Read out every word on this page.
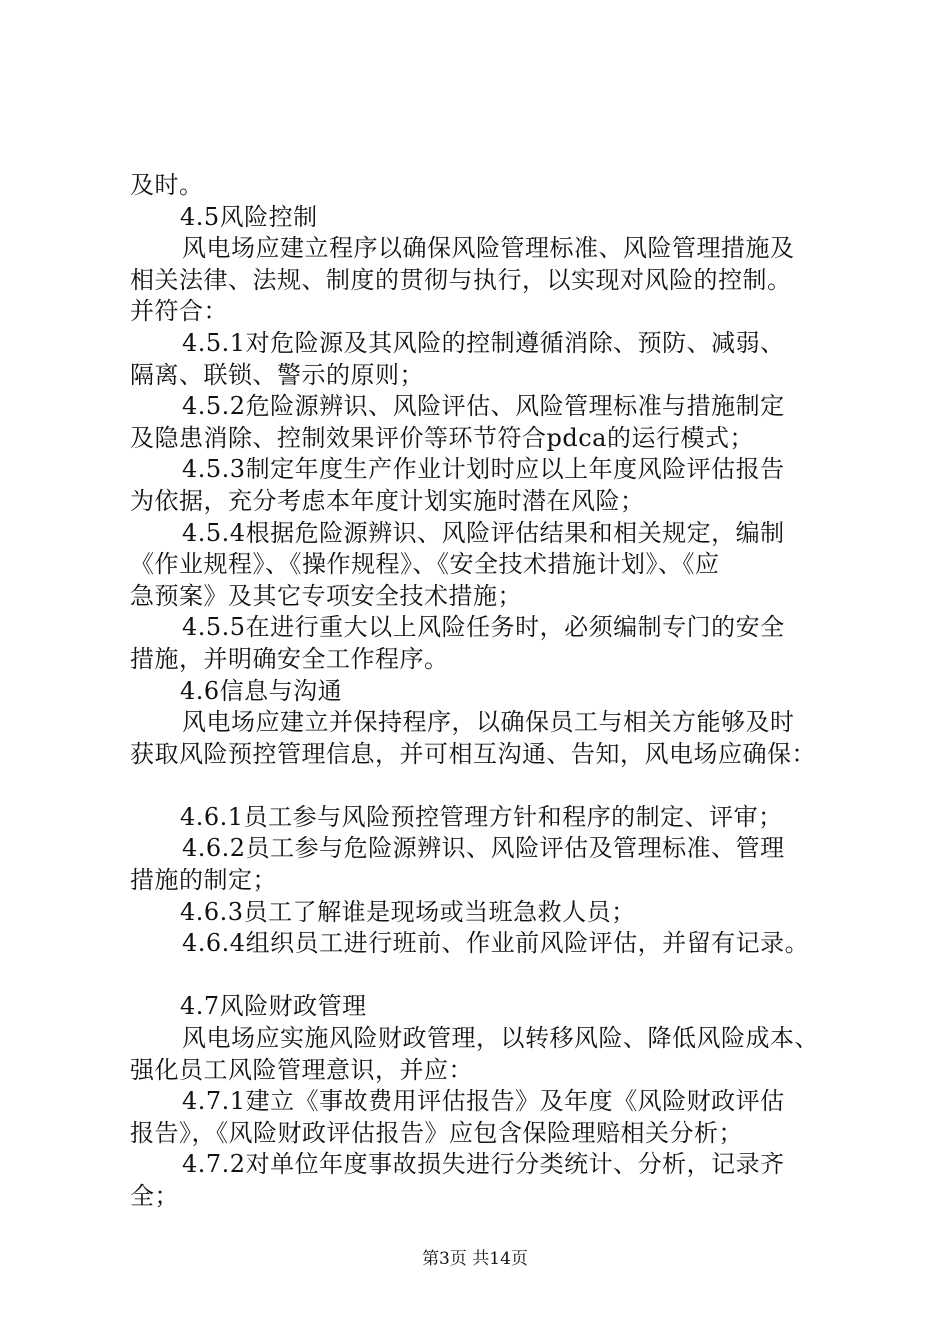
及时。

4.5风险控制

风电场应建立程序以确保风险管理标准、风险管理措施及

相关法律、法规、制度的贯彻与执行，以实现对风险的控制。

并符合：

4.5.1对危险源及其风险的控制遵循消除、预防、减弱、

隔离、联锁、警示的原则；

4.5.2危险源辨识、风险评估、风险管理标准与措施制定

及隐患消除、控制效果评价等环节符合pdca的运行模式；

4.5.3制定年度生产作业计划时应以上年度风险评估报告

为依据，充分考虑本年度计划实施时潜在风险；

4.5.4根据危险源辨识、风险评估结果和相关规定，编制

《作业规程》、《操作规程》、《安全技术措施计划》、《应

急预案》及其它专项安全技术措施；

4.5.5在进行重大以上风险任务时，必须编制专门的安全

措施，并明确安全工作程序。

4.6信息与沟通

风电场应建立并保持程序，以确保员工与相关方能够及时

获取风险预控管理信息，并可相互沟通、告知，风电场应确保：

4.6.1员工参与风险预控管理方针和程序的制定、评审；

4.6.2员工参与危险源辨识、风险评估及管理标准、管理

措施的制定；

4.6.3员工了解谁是现场或当班急救人员；

4.6.4组织员工进行班前、作业前风险评估，并留有记录。

4.7风险财政管理

风电场应实施风险财政管理，以转移风险、降低风险成本、

强化员工风险管理意识，并应：

4.7.1建立《事故费用评估报告》及年度《风险财政评估

报告》，《风险财政评估报告》应包含保险理赔相关分析；

4.7.2对单位年度事故损失进行分类统计、分析，记录齐

全；

第3页 共14页
